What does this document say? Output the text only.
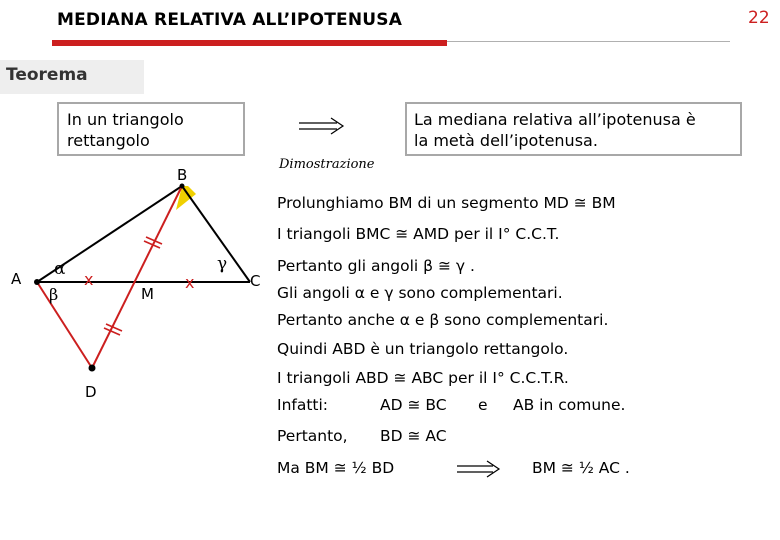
MEDIANA RELATIVA ALL’IPOTENUSA	22
Teorema
In un triangolo
rettangolo
La mediana relativa all’ipotenusa è
la metà dell’ipotenusa.
Dimostrazione
A
B
C
M
D
α
β
γ
x	x
Prolunghiamo BM di un segmento MD ≅ BM
I triangoli BMC ≅ AMD per il I° C.C.T.
Pertanto gli angoli β ≅ γ .
Gli angoli α e γ sono complementari.
Pertanto anche α e β sono complementari.
Quindi ABD è un triangolo rettangolo.
I triangoli ABD ≅ ABC per il I° C.C.T.R.
Infatti:	AD ≅ BC e AB in comune.
Pertanto, BD ≅ AC
Ma BM ≅ ½ BD	BM ≅ ½ AC .
